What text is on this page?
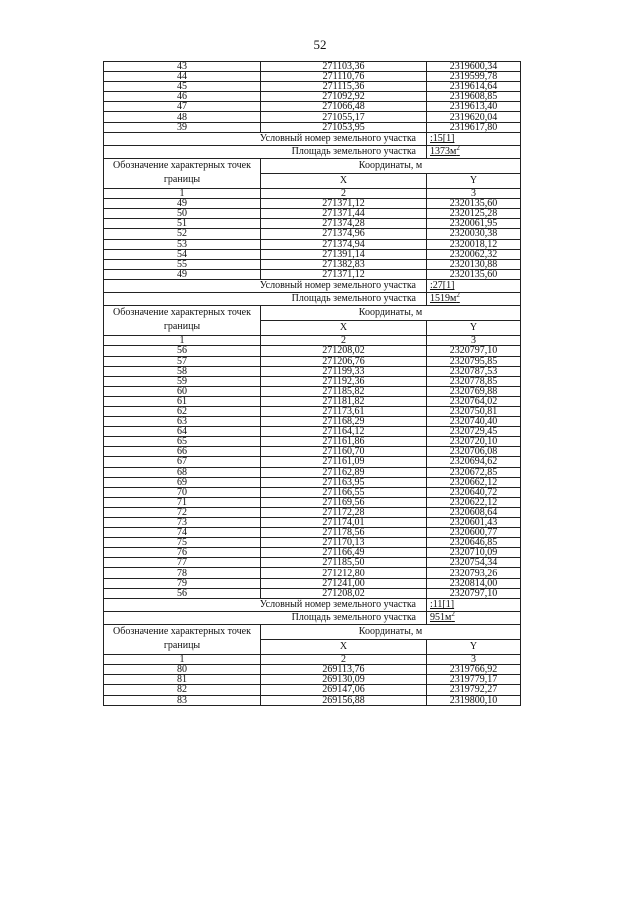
52
43	271103,36	2319600,34
44	271110,76	2319599,78
45	271115,36	2319614,64
46	271092,92	2319608,85
47	271066,48	2319613,40
48	271055,17	2319620,04
39	271053,95	2319617,80
Условный номер земельного участка		:15[1]
Площадь земельного участка		$1373м^2$
Обозначение характерных точек границы	Координаты, м	
	X	Y
1	2	3
49	271371,12	2320135,60
50	271371,44	2320125,28
51	271374,28	2320061,95
52	271374,96	2320030,38
53	271374,94	2320018,12
54	271391,14	2320062,32
55	271382,83	2320130,88
49	271371,12	2320135,60
Условный номер земельного участка		:27[1]
Площадь земельного участка		$1519м^2$
Обозначение характерных точек границы	Координаты, м	
	X	Y
1	2	3
56	271208,02	2320797,10
57	271206,76	2320795,85
58	271199,33	2320787,53
59	271192,36	2320778,85
60	271185,82	2320769,88
61	271181,82	2320764,02
62	271173,61	2320750,81
63	271168,29	2320740,40
64	271164,12	2320729,45
65	271161,86	2320720,10
66	271160,70	2320706,08
67	271161,09	2320694,62
68	271162,89	2320672,85
69	271163,95	2320662,12
70	271166,55	2320640,72
71	271169,56	2320622,12
72	271172,28	2320608,64
73	271174,01	2320601,43
74	271178,56	2320600,77
75	271170,13	2320646,85
76	271166,49	2320710,09
77	271185,50	2320754,34
78	271212,80	2320793,26
79	271241,00	2320814,00
56	271208,02	2320797,10
Условный номер земельного участка		:11[1]
Площадь земельного участка		$951м^2$
Обозначение характерных точек границы	Координаты, м	
	X	Y
1	2	3
80	269113,76	2319766,92
81	269130,09	2319779,17
82	269147,06	2319792,27
83	269156,88	2319800,10
